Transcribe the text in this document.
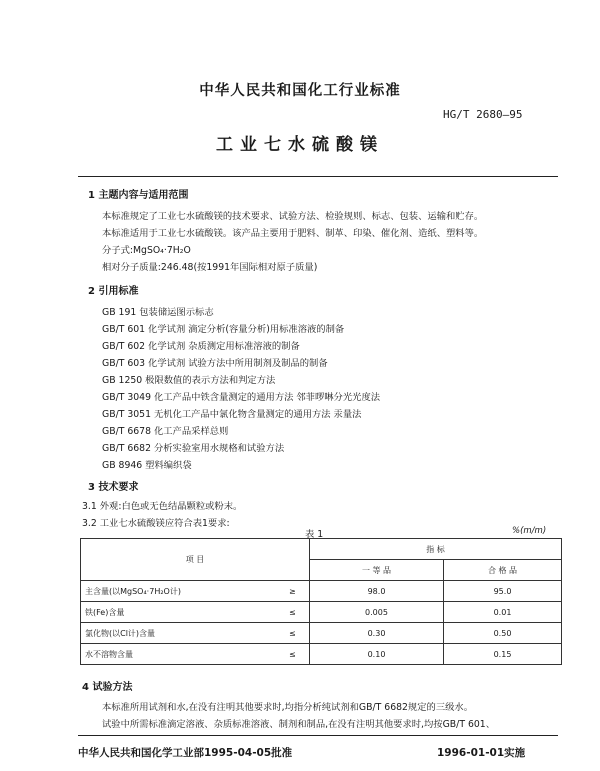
中华人民共和国化工行业标准
HG/T 2680—95
工业七水硫酸镁
1 主题内容与适用范围
本标准规定了工业七水硫酸镁的技术要求、试验方法、检验规则、标志、包装、运输和贮存。
本标准适用于工业七水硫酸镁。该产品主要用于肥料、制革、印染、催化剂、造纸、塑料等。
分子式:MgSO₄·7H₂O
相对分子质量:246.48(按1991年国际相对原子质量)
2 引用标准
GB 191 包装储运图示标志
GB/T 601 化学试剂 滴定分析(容量分析)用标准溶液的制备
GB/T 602 化学试剂 杂质测定用标准溶液的制备
GB/T 603 化学试剂 试验方法中所用制剂及制品的制备
GB 1250 极限数值的表示方法和判定方法
GB/T 3049 化工产品中铁含量测定的通用方法 邻菲啰啉分光光度法
GB/T 3051 无机化工产品中氯化物含量测定的通用方法 汞量法
GB/T 6678 化工产品采样总则
GB/T 6682 分析实验室用水规格和试验方法
GB 8946 塑料编织袋
3 技术要求
3.1 外观:白色或无色结晶颗粒或粉末。
3.2 工业七水硫酸镁应符合表1要求:
表 1	%(m/m)
项 目		指 标	
		一 等 品	合 格 品
主含量(以MgSO₄·7H₂O计)	≥	98.0	95.0
铁(Fe)含量	≤	0.005	0.01
氯化物(以Cl计)含量	≤	0.30	0.50
水不溶物含量	≤	0.10	0.15
4 试验方法
本标准所用试剂和水,在没有注明其他要求时,均指分析纯试剂和GB/T 6682规定的三级水。
试验中所需标准滴定溶液、杂质标准溶液、制剂和制品,在没有注明其他要求时,均按GB/T 601、
中华人民共和国化学工业部1995-04-05批准	1996-01-01实施
